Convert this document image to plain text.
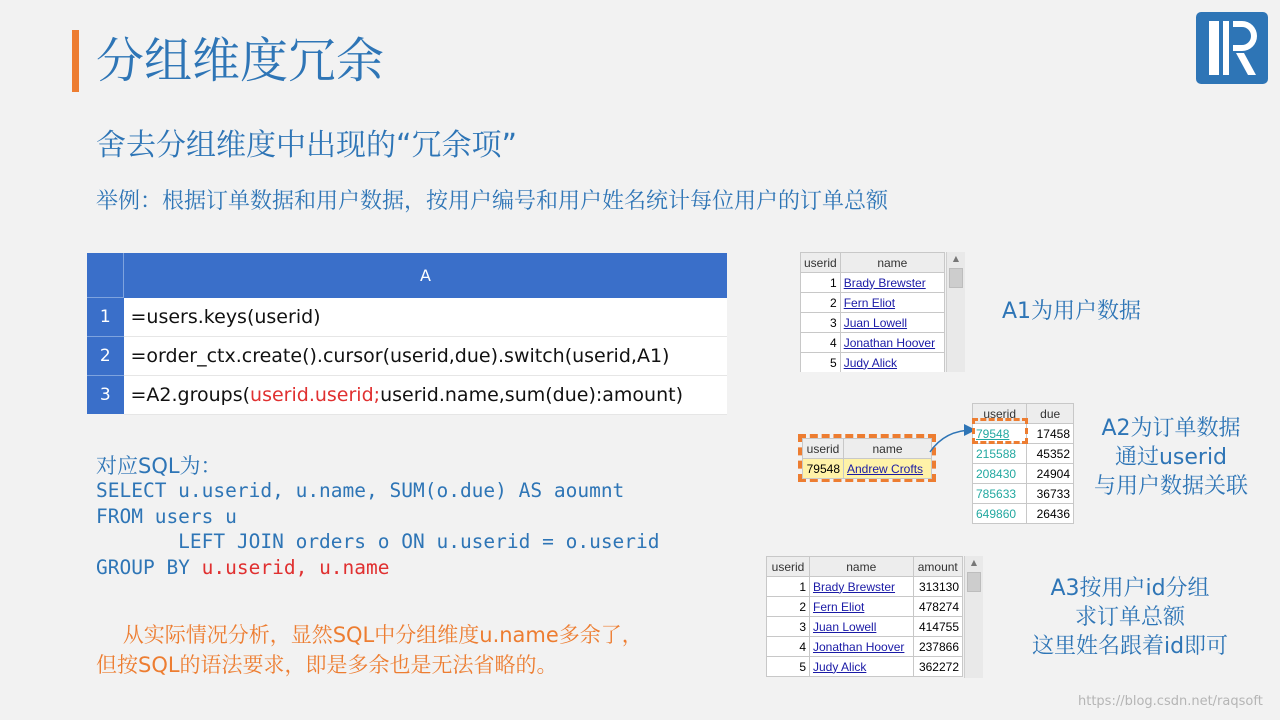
分组维度冗余
舍去分组维度中出现的“冗余项”
举例：根据订单数据和用户数据，按用户编号和用户姓名统计每位用户的订单总额
	A
1	=users.keys(userid)
2	=order_ctx.create().cursor(userid,due).switch(userid,A1)
3	=A2.groups(userid.userid;userid.name,sum(due):amount)
对应SQL为：
SELECT u.userid, u.name, SUM(o.due) AS aoumnt
FROM users u
LEFT JOIN orders o ON u.userid = o.userid
GROUP BY u.userid, u.name
从实际情况分析，显然SQL中分组维度u.name多余了，
但按SQL的语法要求，即是多余也是无法省略的。
userid	name
1	Brady Brewster
2	Fern Eliot
3	Juan Lowell
4	Jonathan Hoover
5	Judy Alick
▲
A1为用户数据
userid	name
79548	Andrew Crofts
userid	due
79548	17458
215588	45352
208430	24904
785633	36733
649860	26436
A2为订单数据
通过userid
与用户数据关联
userid	name	amount
1	Brady Brewster	313130
2	Fern Eliot	478274
3	Juan Lowell	414755
4	Jonathan Hoover	237866
5	Judy Alick	362272
▲
A3按用户id分组
求订单总额
这里姓名跟着id即可
https://blog.csdn.net/raqsoft
